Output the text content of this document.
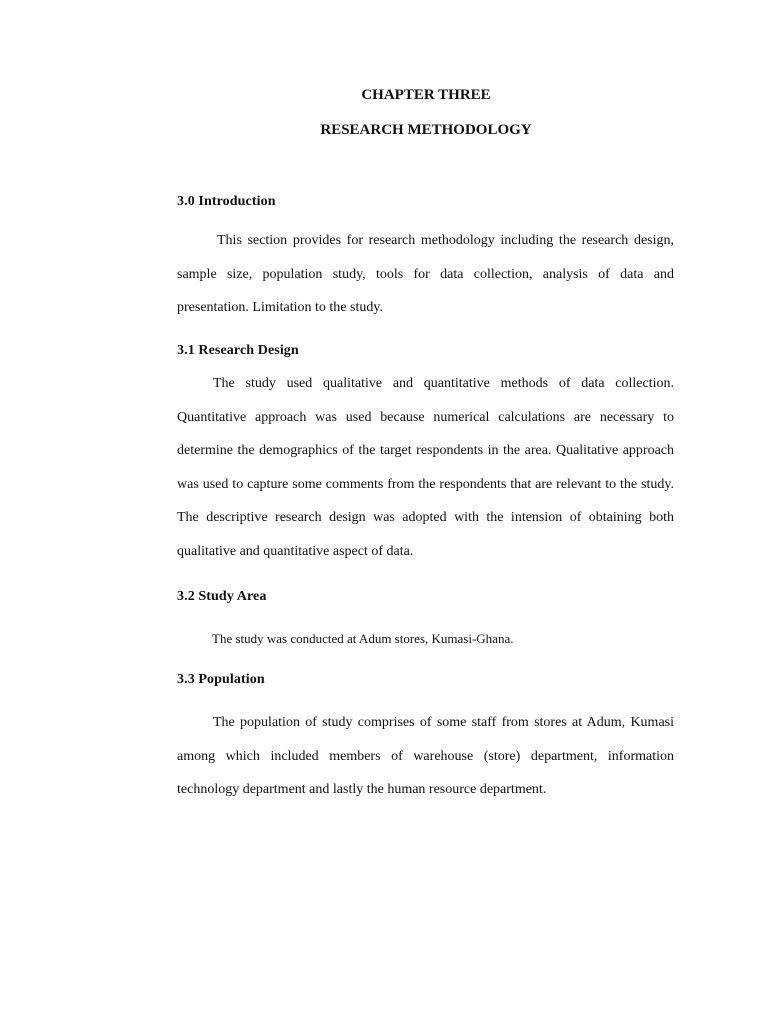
CHAPTER THREE
RESEARCH METHODOLOGY
3.0 Introduction
This section provides for research methodology including the research design, sample size, population study, tools for data collection, analysis of data and presentation. Limitation to the study.
3.1 Research Design
The study used qualitative and quantitative methods of data collection. Quantitative approach was used because numerical calculations are necessary to determine the demographics of the target respondents in the area. Qualitative approach was used to capture some comments from the respondents that are relevant to the study. The descriptive research design was adopted with the intension of obtaining both qualitative and quantitative aspect of data.
3.2 Study Area
The study was conducted at Adum stores, Kumasi-Ghana.
3.3 Population
The population of study comprises of some staff from stores at Adum, Kumasi among which included members of warehouse (store) department, information technology department and lastly the human resource department.
